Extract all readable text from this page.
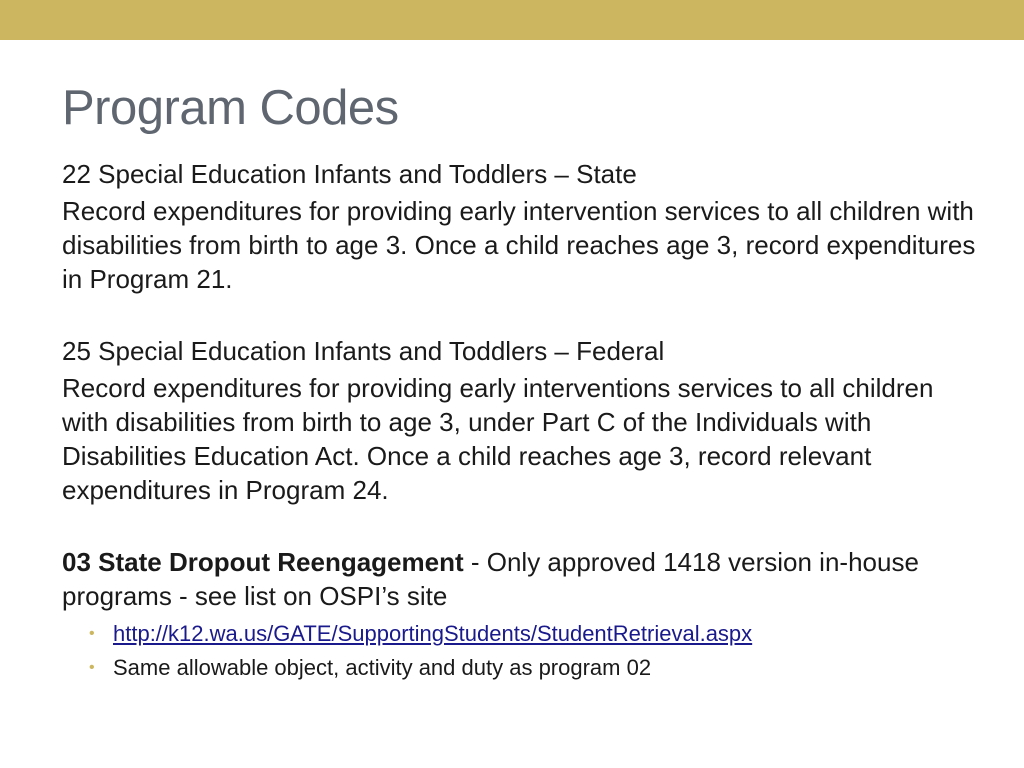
Program Codes

22 Special Education Infants and Toddlers – State

Record expenditures for providing early intervention services to all children with disabilities from birth to age 3. Once a child reaches age 3, record expenditures in Program 21.

25 Special Education Infants and Toddlers – Federal

Record expenditures for providing early interventions services to all children with disabilities from birth to age 3, under Part C of the Individuals with Disabilities Education Act. Once a child reaches age 3, record relevant expenditures in Program 24.

03 State Dropout Reengagement - Only approved 1418 version in-house programs - see list on OSPI’s site

• http://k12.wa.us/GATE/SupportingStudents/StudentRetrieval.aspx
• Same allowable object, activity and duty as program 02
